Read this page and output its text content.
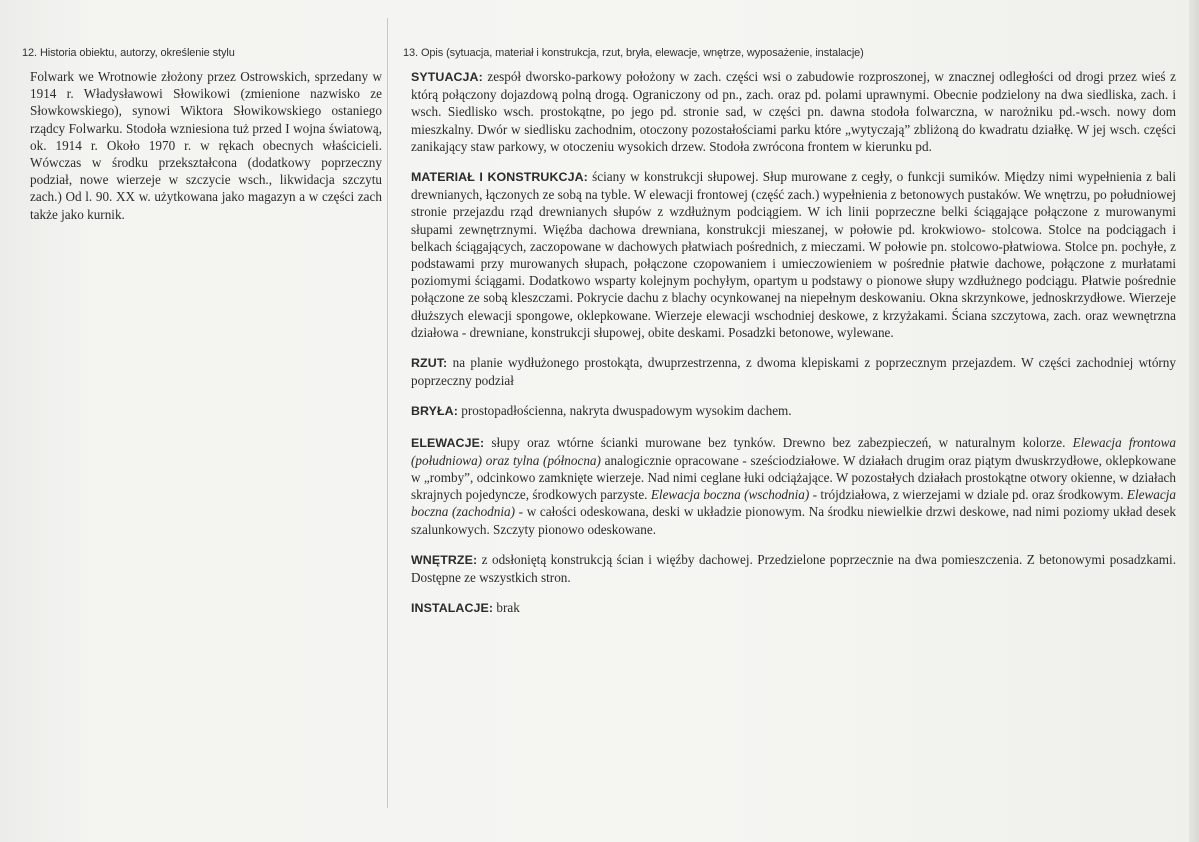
12. Historia obiektu, autorzy, określenie stylu
Folwark we Wrotnowie złożony przez Ostrowskich, sprzedany w 1914 r. Władysławowi Słowikowi (zmienione nazwisko ze Słowkowskiego), synowi Wiktora Słowikowskiego ostaniego rządcy Folwarku. Stodoła wzniesiona tuż przed I wojna światową, ok. 1914 r. Około 1970 r. w rękach obecnych właścicieli. Wówczas w środku przekształcona (dodatkowy poprzeczny podział, nowe wierzeje w szczycie wsch., likwidacja szczytu zach.) Od l. 90. XX w. użytkowana jako magazyn a w części zach także jako kurnik.
13. Opis (sytuacja, materiał i konstrukcja, rzut, bryła, elewacje, wnętrze, wyposażenie, instalacje)
SYTUACJA: zespół dworsko-parkowy położony w zach. części wsi o zabudowie rozproszonej, w znacznej odległości od drogi przez wieś z którą połączony dojazdową polną drogą. Ograniczony od pn., zach. oraz pd. polami uprawnymi. Obecnie podzielony na dwa siedliska, zach. i wsch. Siedlisko wsch. prostokątne, po jego pd. stronie sad, w części pn. dawna stodoła folwarczna, w narożniku pd.-wsch. nowy dom mieszkalny. Dwór w siedlisku zachodnim, otoczony pozostałościami parku które „wytyczają” zbliżoną do kwadratu działkę. W jej wsch. części zanikający staw parkowy, w otoczeniu wysokich drzew. Stodoła zwrócona frontem w kierunku pd.
MATERIAŁ I KONSTRUKCJA: ściany w konstrukcji słupowej. Słup murowane z cegły, o funkcji sumików. Między nimi wypełnienia z bali drewnianych, łączonych ze sobą na tyble. W elewacji frontowej (część zach.) wypełnienia z betonowych pustaków. We wnętrzu, po południowej stronie przejazdu rząd drewnianych słupów z wzdłużnym podciągiem. W ich linii poprzeczne belki ściągające połączone z murowanymi słupami zewnętrznymi. Więźba dachowa drewniana, konstrukcji mieszanej, w połowie pd. krokwiowo- stolcowa. Stolce na podciągach i belkach ściągających, zaczopowane w dachowych płatwiach pośrednich, z mieczami. W połowie pn. stolcowo-płatwiowa. Stolce pn. pochyłe, z podstawami przy murowanych słupach, połączone czopowaniem i umieczowieniem w pośrednie płatwie dachowe, połączone z murłatami poziomymi ściągami. Dodatkowo wsparty kolejnym pochyłym, opartym u podstawy o pionowe słupy wzdłużnego podciągu. Płatwie pośrednie połączone ze sobą kleszczami. Pokrycie dachu z blachy ocynkowanej na niepełnym deskowaniu. Okna skrzynkowe, jednoskrzydłowe. Wierzeje dłuższych elewacji spongowe, oklepkowane. Wierzeje elewacji wschodniej deskowe, z krzyżakami. Ściana szczytowa, zach. oraz wewnętrzna działowa - drewniane, konstrukcji słupowej, obite deskami. Posadzki betonowe, wylewane.
RZUT: na planie wydłużonego prostokąta, dwuprzestrzenna, z dwoma klepiskami z poprzecznym przejazdem. W części zachodniej wtórny poprzeczny podział
BRYŁA: prostopadłościenna, nakryta dwuspadowym wysokim dachem.
ELEWACJE: słupy oraz wtórne ścianki murowane bez tynków. Drewno bez zabezpieczeń, w naturalnym kolorze. Elewacja frontowa (południowa) oraz tylna (północna) analogicznie opracowane - sześciodziałowe. W działach drugim oraz piątym dwuskrzydłowe, oklepkowane w „romby”, odcinkowo zamknięte wierzeje. Nad nimi ceglane łuki odciążające. W pozostałych działach prostokątne otwory okienne, w działach skrajnych pojedyncze, środkowych parzyste. Elewacja boczna (wschodnia) - trójdziałowa, z wierzejami w dziale pd. oraz środkowym. Elewacja boczna (zachodnia) - w całości odeskowana, deski w układzie pionowym. Na środku niewielkie drzwi deskowe, nad nimi poziomy układ desek szalunkowych. Szczyty pionowo odeskowane.
WNĘTRZE: z odsłoniętą konstrukcją ścian i więźby dachowej. Przedzielone poprzecznie na dwa pomieszczenia. Z betonowymi posadzkami. Dostępne ze wszystkich stron.
INSTALACJE: brak
